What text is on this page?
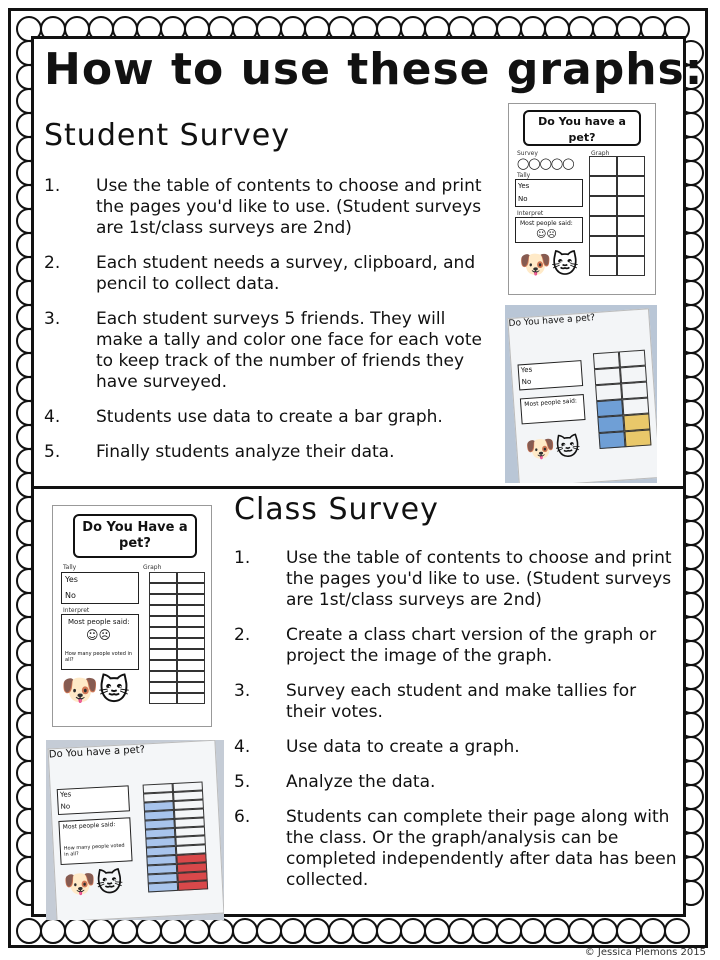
How to use these graphs:
Student Survey
1.	Use the table of contents to choose and print the pages you'd like to use. (Student surveys are 1st/class surveys are 2nd)
2.	Each student needs a survey, clipboard, and pencil to collect data.
3.	Each student surveys 5 friends. They will make a tally and color one face for each vote to keep track of the number of friends they have surveyed.
4.	Students use data to create a bar graph.
5.	Finally students analyze their data.
Class Survey
1.	Use the table of contents to choose and print the pages you'd like to use. (Student surveys are 1st/class surveys are 2nd)
2.	Create a class chart version of the graph or project the image of the graph.
3.	Survey each student and make tallies for their votes.
4.	Use data to create a graph.
5.	Analyze the data.
6.	Students can complete their page along with the class. Or the graph/analysis can be completed independently after data has been collected.
Do You have a pet?
Survey	Graph
◯◯◯◯◯
Tally
Yes
No
Interpret
Most people said:
☺☹
🐶🐱
Do You have a pet?
Yes
No
Most people said:
🐶🐱
Do You Have a pet?
Tally	Graph
Yes
No
Interpret
Most people said:
☺☹
How many people voted in all?
🐶🐱
Do You have a pet?
Yes
No
Most people said:
How many people voted in all?
🐶🐱
© Jessica Plemons 2015
